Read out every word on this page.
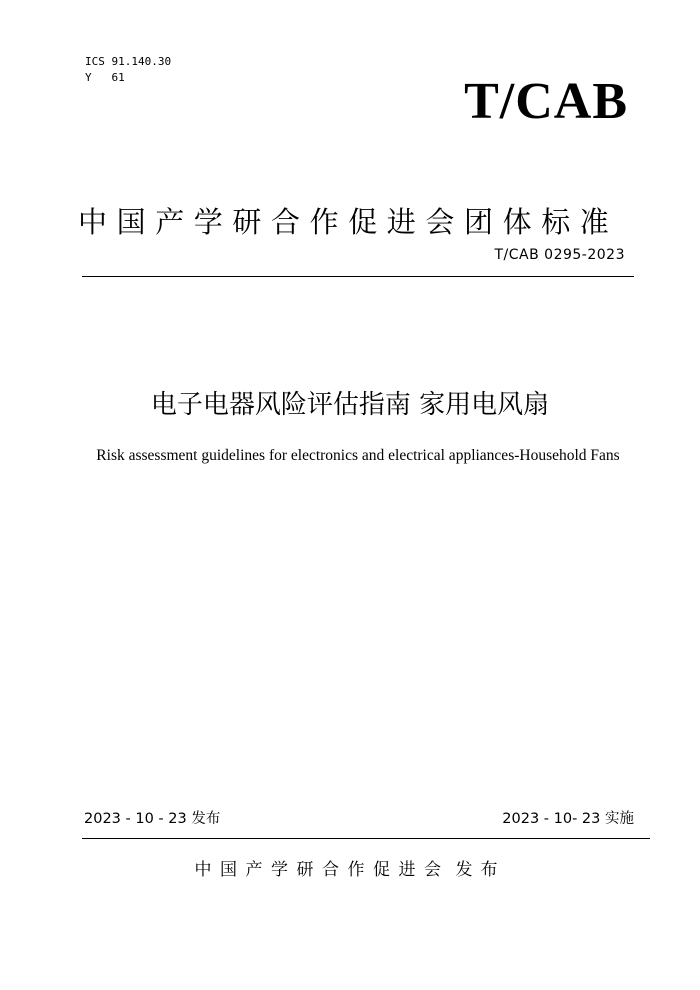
ICS 91.140.30
Y   61	T/CAB
中国产学研合作促进会团体标准
T/CAB 0295-2023
电子电器风险评估指南 家用电风扇
Risk assessment guidelines for electronics and electrical appliances-Household Fans
2023 - 10 - 23 发布	2023 - 10- 23 实施
中国产学研合作促进会 发布
